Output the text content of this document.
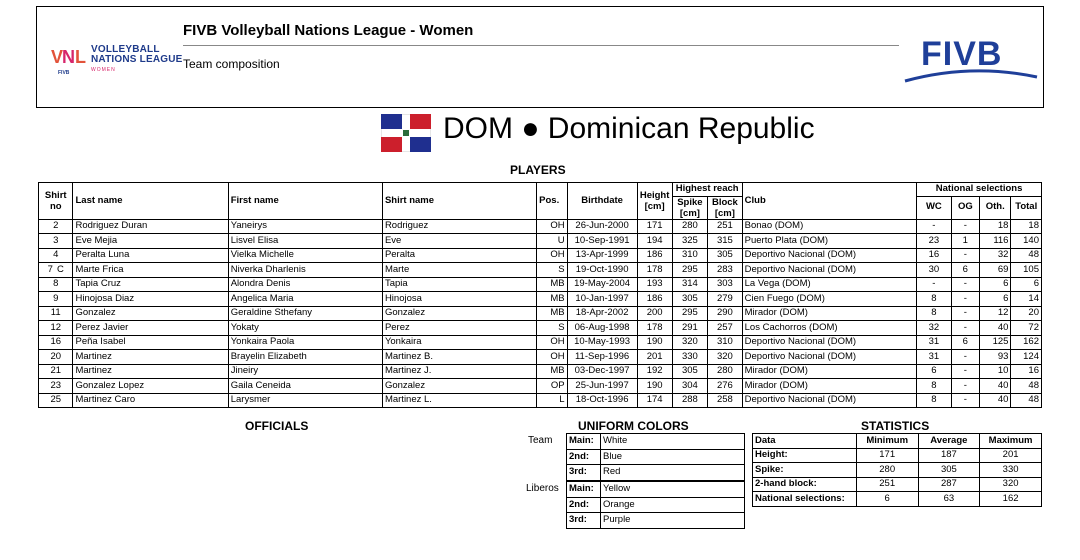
V
N L
FIVB
VOLLEYBALL
NATIONS LEAGUE
WOMEN
FIVB Volleyball Nations League - Women
Team composition	FIVB
DOM ● Dominican Republic
PLAYERS
Shirt no	Last name	First name	Shirt name	Pos.	Birthdate	Height [cm]	Highest reach		Club	National selections			
							Spike [cm]	Block [cm]		WC	OG	Oth.	Total
2	Rodriguez Duran	Yaneirys	Rodriguez	OH	26-Jun-2000	171	280	251	Bonao (DOM)	-	-	18	18
3	Eve Mejia	Lisvel Elisa	Eve	U	10-Sep-1991	194	325	315	Puerto Plata (DOM)	23	1	116	140
4	Peralta Luna	Vielka Michelle	Peralta	OH	13-Apr-1999	186	310	305	Deportivo Nacional (DOM)	16	-	32	48
7 C	Marte Frica	Niverka Dharlenis	Marte	S	19-Oct-1990	178	295	283	Deportivo Nacional (DOM)	30	6	69	105
8	Tapia Cruz	Alondra Denis	Tapia	MB	19-May-2004	193	314	303	La Vega (DOM)	-	-	6	6
9	Hinojosa Diaz	Angelica Maria	Hinojosa	MB	10-Jan-1997	186	305	279	Cien Fuego (DOM)	8	-	6	14
11	Gonzalez	Geraldine Sthefany	Gonzalez	MB	18-Apr-2002	200	295	290	Mirador (DOM)	8	-	12	20
12	Perez Javier	Yokaty	Perez	S	06-Aug-1998	178	291	257	Los Cachorros (DOM)	32	-	40	72
16	Peña Isabel	Yonkaira Paola	Yonkaira	OH	10-May-1993	190	320	310	Deportivo Nacional (DOM)	31	6	125	162
20	Martinez	Brayelin Elizabeth	Martinez B.	OH	11-Sep-1996	201	330	320	Deportivo Nacional (DOM)	31	-	93	124
21	Martinez	Jineiry	Martinez J.	MB	03-Dec-1997	192	305	280	Mirador (DOM)	6	-	10	16
23	Gonzalez Lopez	Gaila Ceneida	Gonzalez	OP	25-Jun-1997	190	304	276	Mirador (DOM)	8	-	40	48
25	Martinez Caro	Larysmer	Martinez L.	L	18-Oct-1996	174	288	258	Deportivo Nacional (DOM)	8	-	40	48
OFFICIALS	UNIFORM COLORS
Team Main:	White
2nd:	Blue
3rd:	Red
Liberos Main:	Yellow
2nd:	Orange
3rd:	Purple
STATISTICS
Data	Minimum	Average	Maximum
Height:	171	187	201
Spike:	280	305	330
2-hand block:	251	287	320
National selections:	6	63	162
